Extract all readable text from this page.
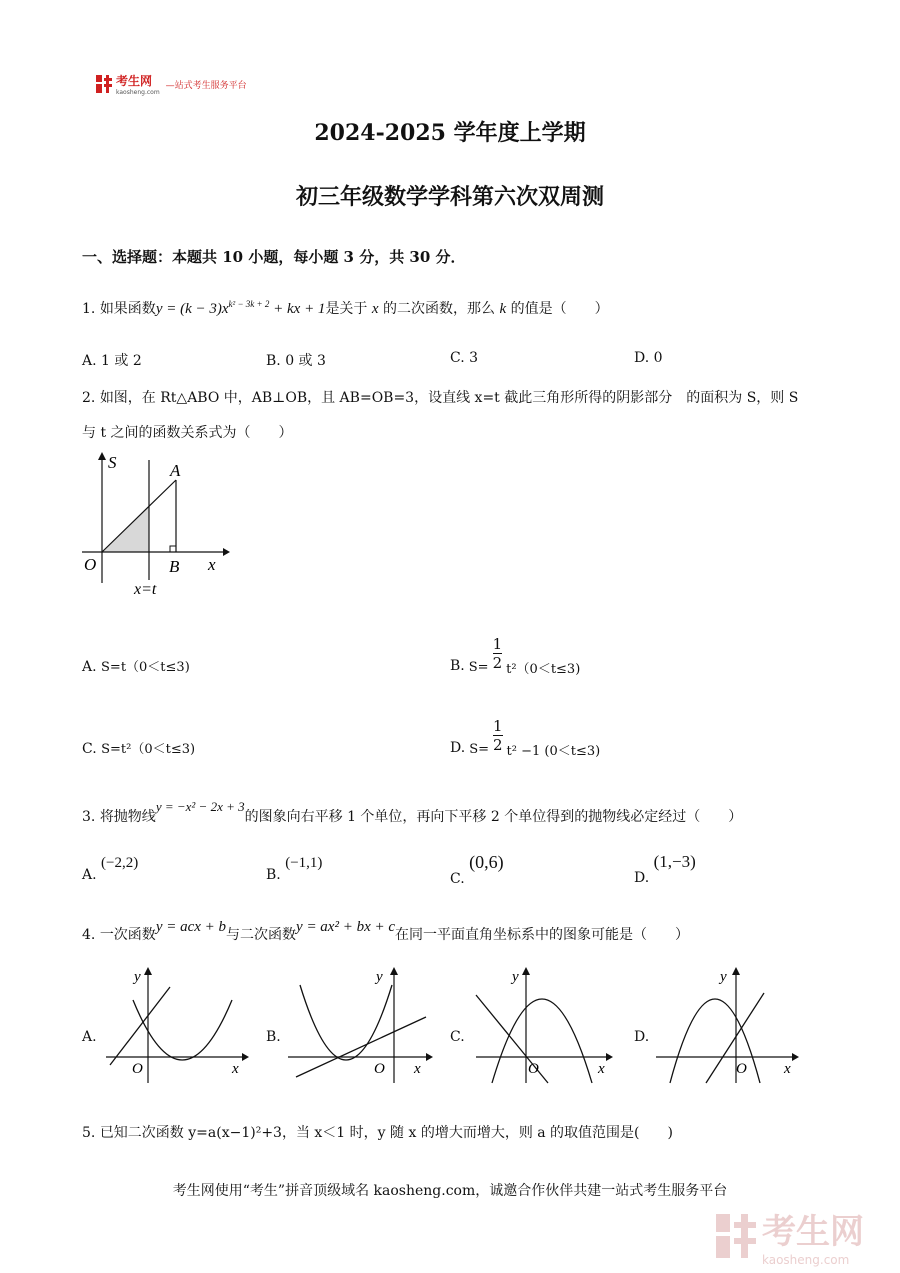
考生网
kaosheng.com
—站式考生服务平台
2024-2025 学年度上学期
初三年级数学学科第六次双周测
一、选择题：本题共 10 小题，每小题 3 分，共 30 分．
1. 如果函数$y = (k - 3)x^{k^2 - 3k + 2}$ + kx + 1是关于 x 的二次函数，那么 k 的值是（　　）
A. 1 或 2	B. 0 或 3	C. 3	D. 0
2. 如图，在 Rt△ABO 中，AB⊥OB，且 AB=OB=3，设直线 x=t 截此三角形所得的阴影部分　的面积为 S，则 S
与 t 之间的函数关系式为（　　）
S	A
O	B x
x=t
A. S=t（0＜t≤3)	B. $S= \frac{1}{2} t^2(0<t\le 3)$
C. S=t²（0＜t≤3)	D. $S= \frac{1}{2} t^2 -1$ (0＜t≤3)
3. 将抛物线y = −x² − 2x + 3的图象向右平移 1 个单位，再向下平移 2 个单位得到的抛物线必定经过（　　）
A. (−2,2)
B. (−1,1)
C. (0,6)
D. (1,−3)
4. 一次函数y = acx + b与二次函数y = ax² + bx + c在同一平面直角坐标系中的图象可能是（　　）
A.	B.	C.	D.
y
x
O
y
x
O
y
x
O
y
x
O
5. 已知二次函数 y=a(x−1)²+3，当 x＜1 时，y 随 x 的增大而增大，则 a 的取值范围是(　　)
考生网使用“考生”拼音顶级域名 kaosheng.com，诚邀合作伙伴共建一站式考生服务平台
考生网
kaosheng.com
